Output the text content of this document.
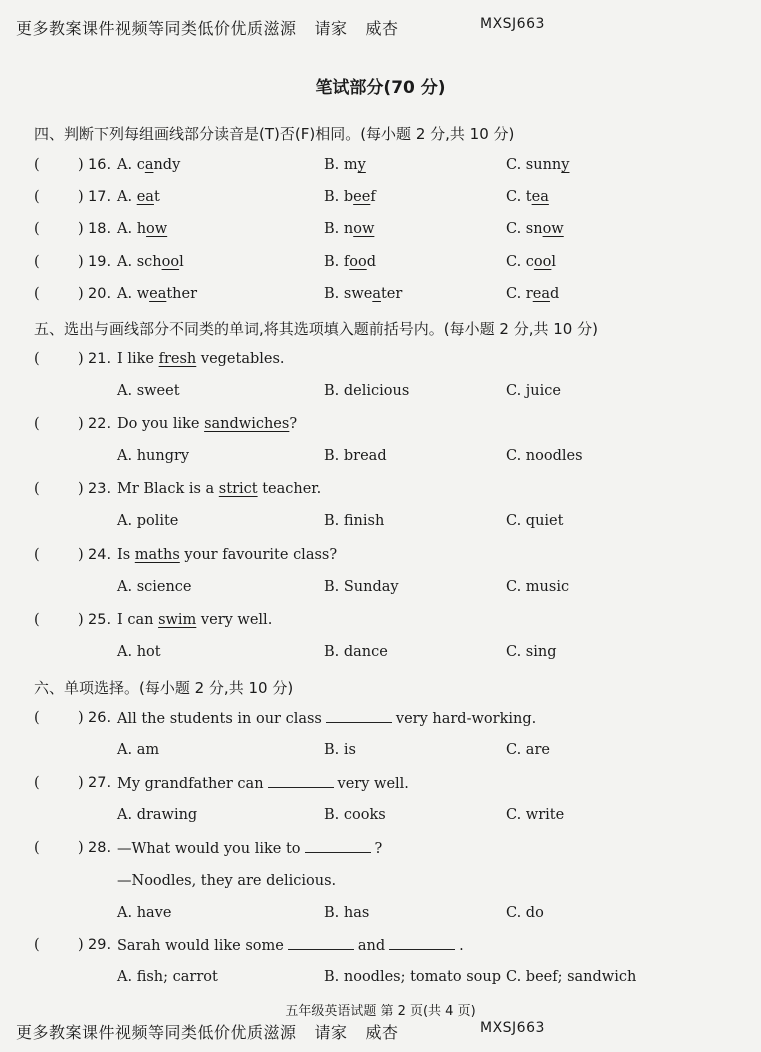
更多教案课件视频等同类低价优质滋源 请家 威杏	MXSJ663
笔试部分(70 分)
四、判断下列每组画线部分读音是(T)否(F)相同。(每小题 2 分,共 10 分)
(	) 16. A. candy	B. my	C. sunny
(	) 17. A. eat	B. beef	C. tea
(	) 18. A. how	B. now	C. snow
(	) 19. A. school	B. food	C. cool
(	) 20. A. weather	B. sweater	C. read
五、选出与画线部分不同类的单词,将其选项填入题前括号内。(每小题 2 分,共 10 分)
(	) 21. I like fresh vegetables.
A. sweet	B. delicious	C. juice
(	) 22. Do you like sandwiches?
A. hungry	B. bread	C. noodles
(	) 23. Mr Black is a strict teacher.
A. polite	B. finish	C. quiet
(	) 24. Is maths your favourite class?
A. science	B. Sunday	C. music
(	) 25. I can swim very well.
A. hot	B. dance	C. sing
六、单项选择。(每小题 2 分,共 10 分)
(	) 26. All the students in our class	very hard-working.
A. am	B. is	C. are
(	) 27. My grandfather can	very well.
A. drawing	B. cooks	C. write
(	) 28. —What would you like to	?
—Noodles, they are delicious.
A. have	B. has	C. do
(	) 29. Sarah would like some	and	.
A. fish; carrot	B. noodles; tomato soup C. beef; sandwich
五年级英语试题 第 2 页(共 4 页)
更多教案课件视频等同类低价优质滋源 请家 威杏	MXSJ663
